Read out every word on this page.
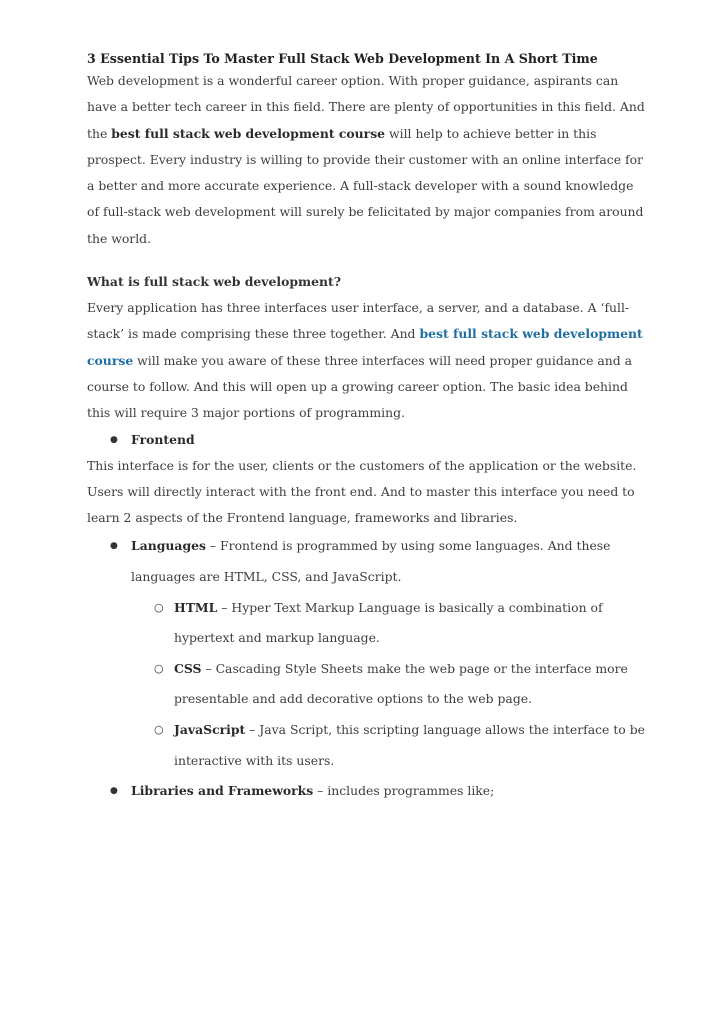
3 Essential Tips To Master Full Stack Web Development In A Short Time

Web development is a wonderful career option. With proper guidance, aspirants can have a better tech career in this field. There are plenty of opportunities in this field. And the best full stack web development course will help to achieve better in this prospect. Every industry is willing to provide their customer with an online interface for a better and more accurate experience. A full-stack developer with a sound knowledge of full-stack web development will surely be felicitated by major companies from around the world.

What is full stack web development?

Every application has three interfaces user interface, a server, and a database. A ‘full-stack’ is made comprising these three together. And best full stack web development course will make you aware of these three interfaces will need proper guidance and a course to follow. And this will open up a growing career option. The basic idea behind this will require 3 major portions of programming.

● Frontend

This interface is for the user, clients or the customers of the application or the website. Users will directly interact with the front end. And to master this interface you need to learn 2 aspects of the Frontend language, frameworks and libraries.

● Languages – Frontend is programmed by using some languages. And these languages are HTML, CSS, and JavaScript.
○ HTML – Hyper Text Markup Language is basically a combination of hypertext and markup language.
○ CSS – Cascading Style Sheets make the web page or the interface more presentable and add decorative options to the web page.
○ JavaScript – Java Script, this scripting language allows the interface to be interactive with its users.
● Libraries and Frameworks – includes programmes like;
